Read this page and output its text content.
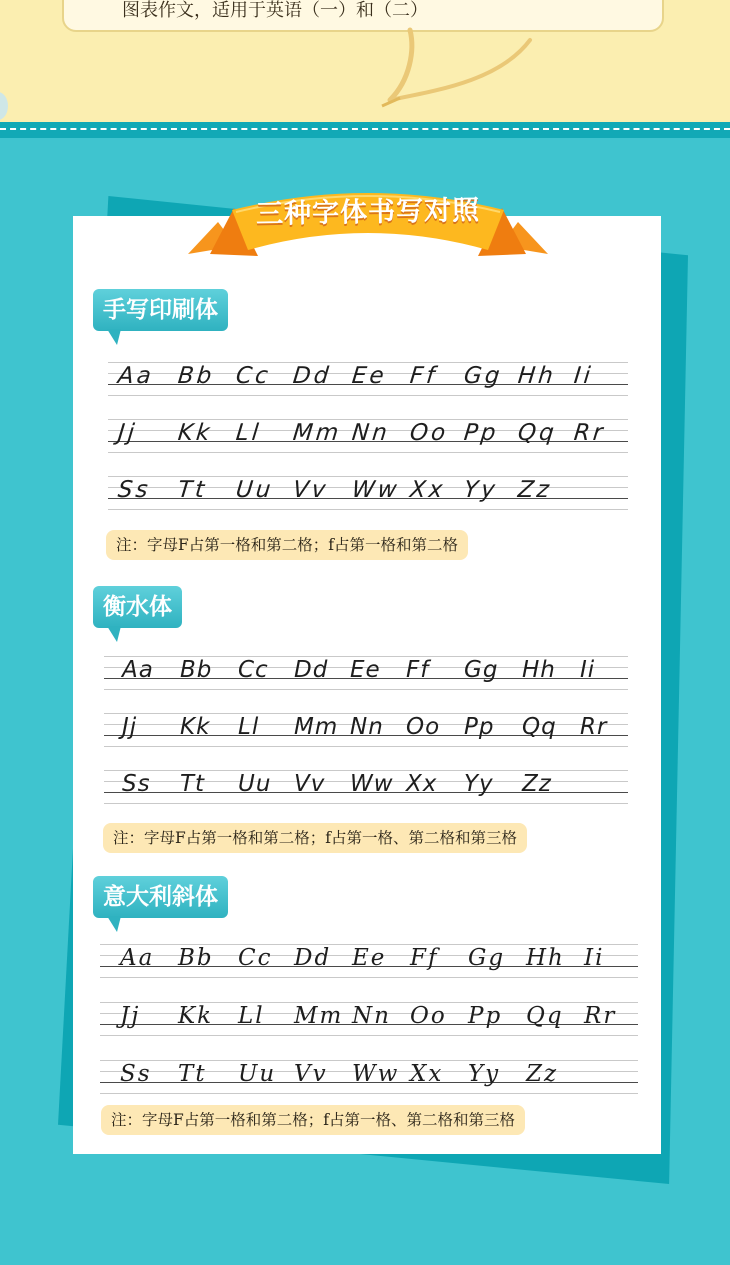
图表作文，适用于英语（一）和（二）
三种字体书写对照
手写印刷体
Aa Bb Cc Dd Ee Ff Gg Hh Ii
Jj Kk Ll Mm Nn Oo Pp Qq Rr
Ss Tt Uu Vv Ww Xx Yy Zz
注：字母F占第一格和第二格；f占第一格和第二格
衡水体
Aa Bb Cc Dd Ee Ff Gg Hh Ii
Jj Kk Ll Mm Nn Oo Pp Qq Rr
Ss Tt Uu Vv Ww Xx Yy Zz
注：字母F占第一格和第二格；f占第一格、第二格和第三格
意大利斜体
Aa Bb Cc Dd Ee Ff Gg Hh Ii
Jj Kk Ll Mm Nn Oo Pp Qq Rr
Ss Tt Uu Vv Ww Xx Yy Zz
注：字母F占第一格和第二格；f占第一格、第二格和第三格
